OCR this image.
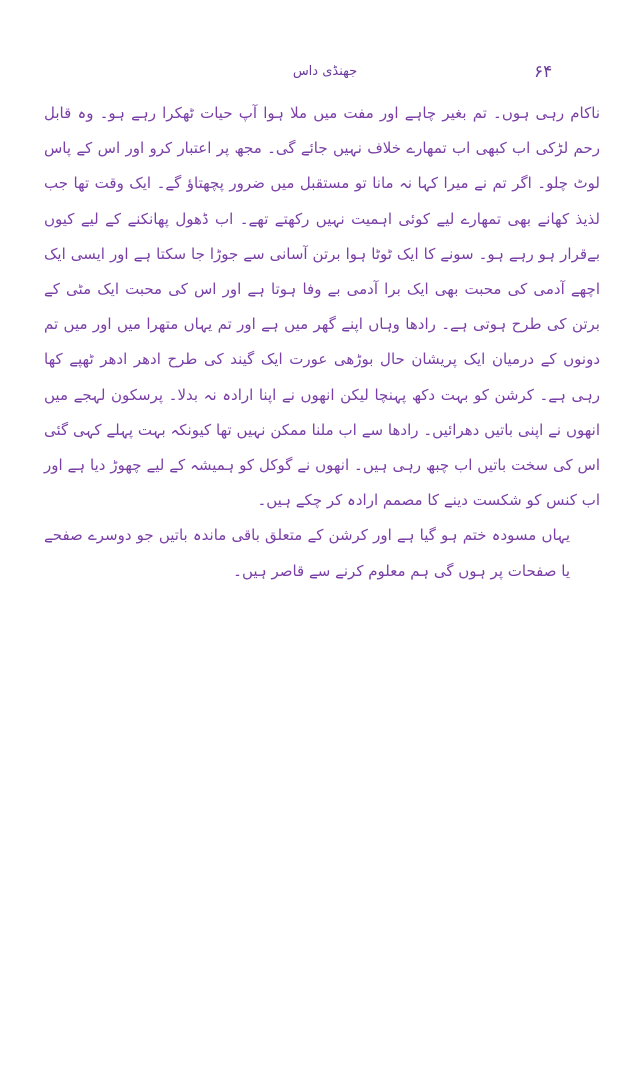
جھنڈی داس	۶۴

ناکام رہی ہوں۔ تم بغیر چاہے اور مفت میں ملا ہوا آپ حیات ٹھکرا رہے ہو۔ وہ قابل رحم لڑکی اب کبھی اب تمھارے خلاف نہیں جائے گی۔ مجھ پر اعتبار کرو اور اس کے پاس لوٹ چلو۔ اگر تم نے میرا کہا نہ مانا تو مستقبل میں ضرور پچھتاؤ گے۔ ایک وقت تھا جب لذیذ کھانے بھی تمھارے لیے کوئی اہمیت نہیں رکھتے تھے۔ اب ڈھول پھانکنے کے لیے کیوں بےقرار ہو رہے ہو۔ سونے کا ایک ٹوٹا ہوا برتن آسانی سے جوڑا جا سکتا ہے اور ایسی ایک اچھے آدمی کی محبت بھی ایک برا آدمی بے وفا ہوتا ہے اور اس کی محبت ایک مٹی کے برتن کی طرح ہوتی ہے۔ رادھا وہاں اپنے گھر میں ہے اور تم یہاں متھرا میں اور میں تم دونوں کے درمیان ایک پریشان حال بوڑھی عورت ایک گیند کی طرح ادھر ادھر ٹھپے کھا رہی ہے۔ کرشن کو بہت دکھ پہنچا لیکن انھوں نے اپنا ارادہ نہ بدلا۔ پرسکون لہجے میں انھوں نے اپنی باتیں دھرائیں۔ رادھا سے اب ملنا ممکن نہیں تھا کیونکہ بہت پہلے کہی گئی اس کی سخت باتیں اب چبھ رہی ہیں۔ انھوں نے گوکل کو ہمیشہ کے لیے چھوڑ دیا ہے اور اب کنس کو شکست دینے کا مصمم ارادہ کر چکے ہیں۔

یہاں مسودہ ختم ہو گیا ہے اور کرشن کے متعلق باقی ماندہ باتیں جو دوسرے صفحے یا صفحات پر ہوں گی ہم معلوم کرنے سے قاصر ہیں۔
